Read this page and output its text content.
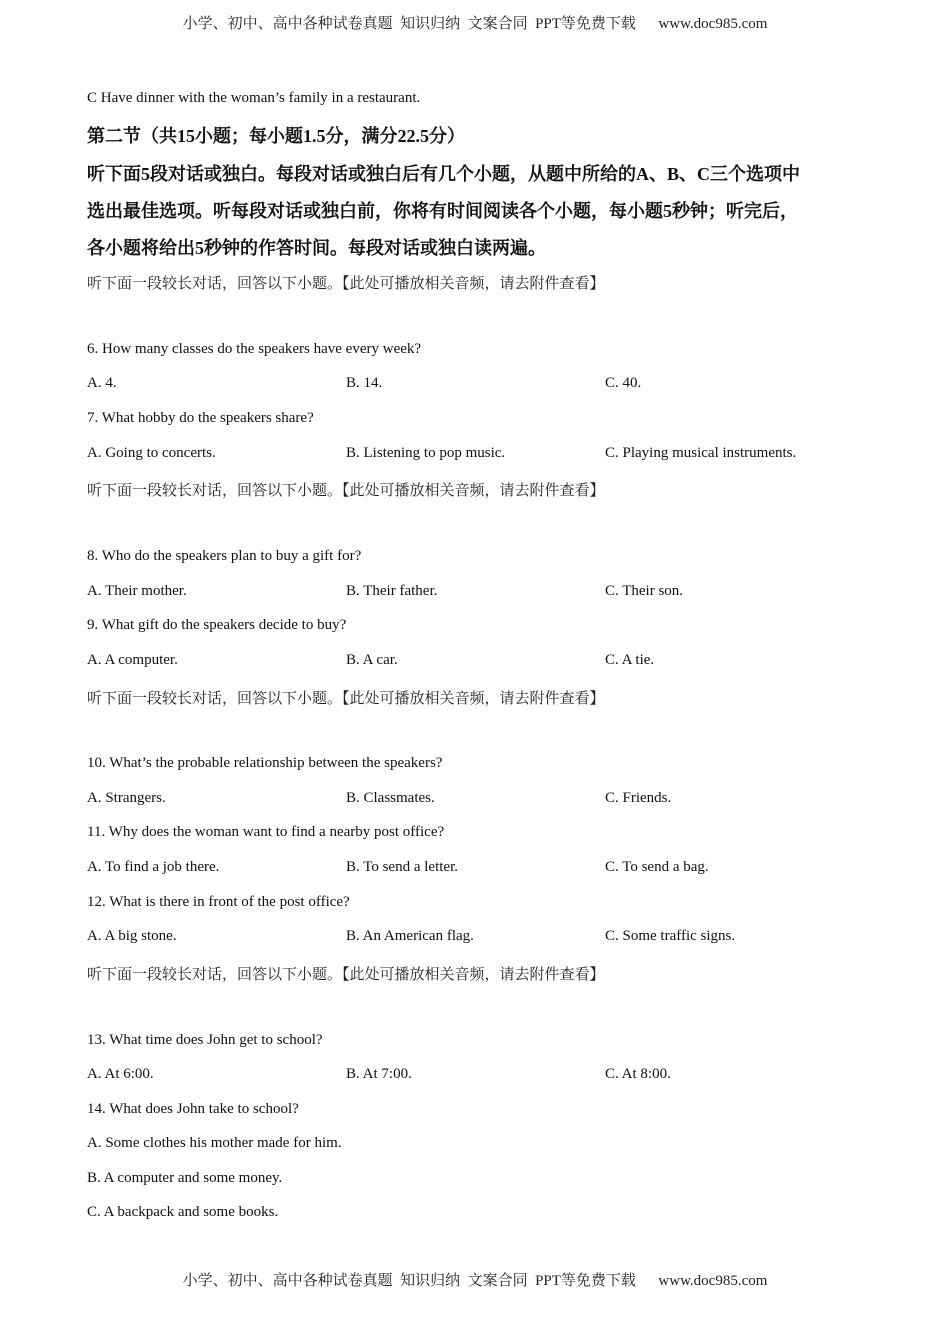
小学、初中、高中各种试卷真题  知识归纳  文案合同  PPT等免费下载      www.doc985.com
C Have dinner with the woman’s family in a restaurant.
第二节（共15小题；每小题1.5分，满分22.5分）
听下面5段对话或独白。每段对话或独白后有几个小题，从题中所给的A、B、C三个选项中
选出最佳选项。听每段对话或独白前，你将有时间阅读各个小题，每小题5秒钟；听完后，
各小题将给出5秒钟的作答时间。每段对话或独白读两遍。
听下面一段较长对话，回答以下小题。【此处可播放相关音频，请去附件查看】
6. How many classes do the speakers have every week?
A. 4.	B. 14.	C. 40.
7. What hobby do the speakers share?
A. Going to concerts.	B. Listening to pop music.	C. Playing musical instruments.
听下面一段较长对话，回答以下小题。【此处可播放相关音频，请去附件查看】
8. Who do the speakers plan to buy a gift for?
A. Their mother.	B. Their father.	C. Their son.
9. What gift do the speakers decide to buy?
A. A computer.	B. A car.	C. A tie.
听下面一段较长对话，回答以下小题。【此处可播放相关音频，请去附件查看】
10. What’s the probable relationship between the speakers?
A. Strangers.	B. Classmates.	C. Friends.
11. Why does the woman want to find a nearby post office?
A. To find a job there.	B. To send a letter.	C. To send a bag.
12. What is there in front of the post office?
A. A big stone.	B. An American flag.	C. Some traffic signs.
听下面一段较长对话，回答以下小题。【此处可播放相关音频，请去附件查看】
13. What time does John get to school?
A. At 6:00.	B. At 7:00.	C. At 8:00.
14. What does John take to school?
A. Some clothes his mother made for him.
B. A computer and some money.
C. A backpack and some books.
小学、初中、高中各种试卷真题  知识归纳  文案合同  PPT等免费下载      www.doc985.com
